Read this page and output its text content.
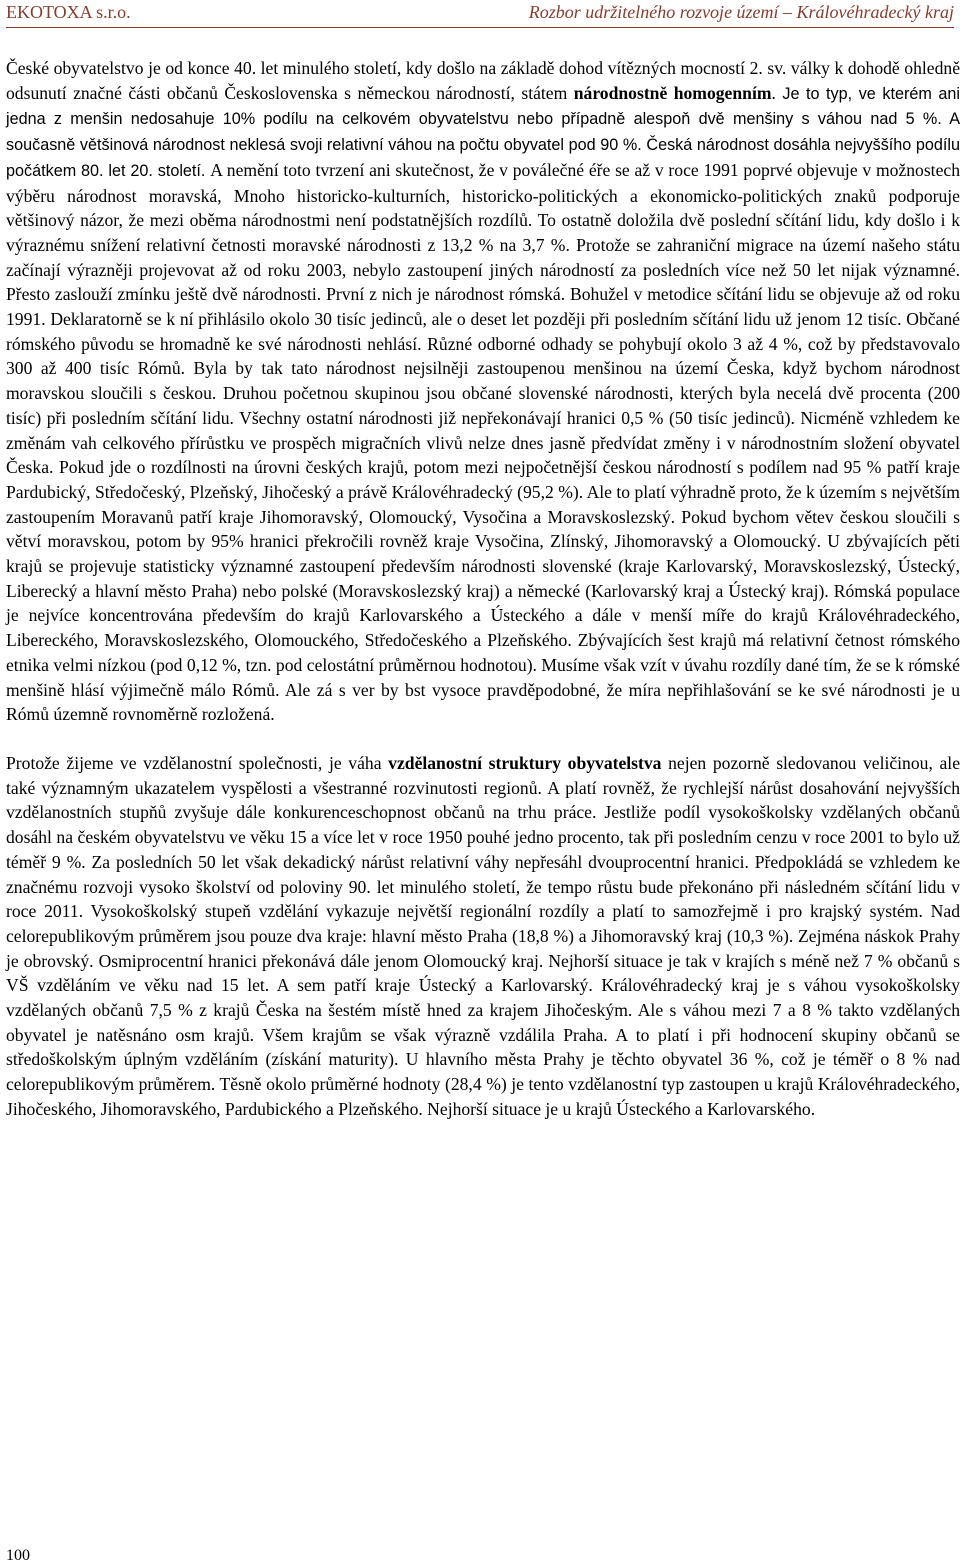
EKOTOXA s.r.o.	Rozbor udržitelného rozvoje území – Královéhradecký kraj

České obyvatelstvo je od konce 40. let minulého století, kdy došlo na základě dohod vítězných mocností 2. sv. války k dohodě ohledně odsunutí značné části občanů Československa s německou národností, státem národnostně homogenním. Je to typ, ve kterém ani jedna z menšin nedosahuje 10% podílu na celkovém obyvatelstvu nebo případně alespoň dvě menšiny s váhou nad 5 %. A současně většinová národnost neklesá svoji relativní váhou na počtu obyvatel pod 90 %. Česká národnost dosáhla nejvyššího podílu počátkem 80. let 20. století. A nemění toto tvrzení ani skutečnost, že v poválečné éře se až v roce 1991 poprvé objevuje v možnostech výběru národnost moravská, Mnoho historicko-kulturních, historicko-politických a ekonomicko-politických znaků podporuje většinový názor, že mezi oběma národnostmi není podstatnějších rozdílů. To ostatně doložila dvě poslední sčítání lidu, kdy došlo i k výraznému snížení relativní četnosti moravské národnosti z 13,2 % na 3,7 %. Protože se zahraniční migrace na území našeho státu začínají výrazněji projevovat až od roku 2003, nebylo zastoupení jiných národností za posledních více než 50 let nijak významné. Přesto zaslouží zmínku ještě dvě národnosti. První z nich je národnost rómská. Bohužel v metodice sčítání lidu se objevuje až od roku 1991. Deklaratorně se k ní přihlásilo okolo 30 tisíc jedinců, ale o deset let později při posledním sčítání lidu už jenom 12 tisíc. Občané rómského původu se hromadně ke své národnosti nehlásí. Různé odborné odhady se pohybují okolo 3 až 4 %, což by představovalo 300 až 400 tisíc Rómů. Byla by tak tato národnost nejsilněji zastoupenou menšinou na území Česka, když bychom národnost moravskou sloučili s českou. Druhou početnou skupinou jsou občané slovenské národnosti, kterých byla necelá dvě procenta (200 tisíc) při posledním sčítání lidu. Všechny ostatní národnosti již nepřekonávají hranici 0,5 % (50 tisíc jedinců). Nicméně vzhledem ke změnám vah celkového přírůstku ve prospěch migračních vlivů nelze dnes jasně předvídat změny i v národnostním složení obyvatel Česka. Pokud jde o rozdílnosti na úrovni českých krajů, potom mezi nejpočetnější českou národností s podílem nad 95 % patří kraje Pardubický, Středočeský, Plzeňský, Jihočeský a právě Královéhradecký (95,2 %). Ale to platí výhradně proto, že k územím s největším zastoupením Moravanů patří kraje Jihomoravský, Olomoucký, Vysočina a Moravskoslezský. Pokud bychom větev českou sloučili s větví moravskou, potom by 95% hranici překročili rovněž kraje Vysočina, Zlínský, Jihomoravský a Olomoucký. U zbývajících pěti krajů se projevuje statisticky významné zastoupení především národnosti slovenské (kraje Karlovarský, Moravskoslezský, Ústecký, Liberecký a hlavní město Praha) nebo polské (Moravskoslezský kraj) a německé (Karlovarský kraj a Ústecký kraj). Rómská populace je nejvíce koncentrována především do krajů Karlovarského a Ústeckého a dále v menší míře do krajů Královéhradeckého, Libereckého, Moravskoslezského, Olomouckého, Středočeského a Plzeňského. Zbývajících šest krajů má relativní četnost rómského etnika velmi nízkou (pod 0,12 %, tzn. pod celostátní průměrnou hodnotou). Musíme však vzít v úvahu rozdíly dané tím, že se k rómské menšině hlásí výjimečně málo Rómů. Ale zá s ver by bst vysoce pravděpodobné, že míra nepřihlašování se ke své národnosti je u Rómů územně rovnoměrně rozložená.

Protože žijeme ve vzdělanostní společnosti, je váha vzdělanostní struktury obyvatelstva nejen pozorně sledovanou veličinou, ale také významným ukazatelem vyspělosti a všestranné rozvinutosti regionů. A platí rovněž, že rychlejší nárůst dosahování nejvyšších vzdělanostních stupňů zvyšuje dále konkurenceschopnost občanů na trhu práce. Jestliže podíl vysokoškolsky vzdělaných občanů dosáhl na českém obyvatelstvu ve věku 15 a více let v roce 1950 pouhé jedno procento, tak při posledním cenzu v roce 2001 to bylo už téměř 9 %. Za posledních 50 let však dekadický nárůst relativní váhy nepřesáhl dvouprocentní hranici. Předpokládá se vzhledem ke značnému rozvoji vysoko školství od poloviny 90. let minulého století, že tempo růstu bude překonáno při následném sčítání lidu v roce 2011. Vysokoškolský stupeň vzdělání vykazuje největší regionální rozdíly a platí to samozřejmě i pro krajský systém. Nad celorepublikovým průměrem jsou pouze dva kraje: hlavní město Praha (18,8 %) a Jihomoravský kraj (10,3 %). Zejména náskok Prahy je obrovský. Osmiprocentní hranici překonává dále jenom Olomoucký kraj. Nejhorší situace je tak v krajích s méně než 7 % občanů s VŠ vzděláním ve věku nad 15 let. A sem patří kraje Ústecký a Karlovarský. Královéhradecký kraj je s váhou vysokoškolsky vzdělaných občanů 7,5 % z krajů Česka na šestém místě hned za krajem Jihočeským. Ale s váhou mezi 7 a 8 % takto vzdělaných obyvatel je natěsnáno osm krajů. Všem krajům se však výrazně vzdálila Praha. A to platí i při hodnocení skupiny občanů se středoškolským úplným vzděláním (získání maturity). U hlavního města Prahy je těchto obyvatel 36 %, což je téměř o 8 % nad celorepublikovým průměrem. Těsně okolo průměrné hodnoty (28,4 %) je tento vzdělanostní typ zastoupen u krajů Královéhradeckého, Jihočeského, Jihomoravského, Pardubického a Plzeňského. Nejhorší situace je u krajů Ústeckého a Karlovarského.

100
